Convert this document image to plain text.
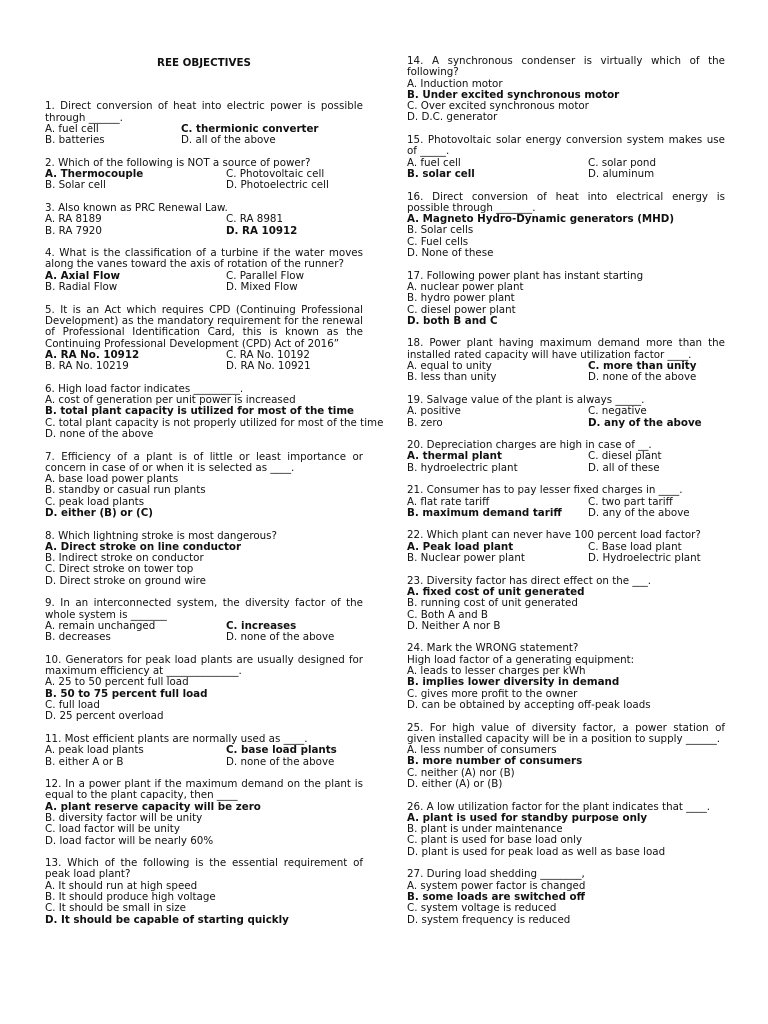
REE OBJECTIVES

1. Direct conversion of heat into electric power is possible through ______.

A. fuel cell	C. thermionic converter
B. batteries	D. all of the above

2. Which of the following is NOT a source of power?

A. Thermocouple	C. Photovoltaic cell
B. Solar cell	D. Photoelectric cell

3. Also known as PRC Renewal Law.

A. RA 8189	C. RA 8981
B. RA 7920	D. RA 10912

4. What is the classification of a turbine if the water moves along the vanes toward the axis of rotation of the runner?

A. Axial Flow	C. Parallel Flow
B. Radial Flow	D. Mixed Flow

5. It is an Act which requires CPD (Continuing Professional Development) as the mandatory requirement for the renewal of Professional Identification Card, this is known as the Continuing Professional Development (CPD) Act of 2016”

A. RA No. 10912	C. RA No. 10192
B. RA No. 10219	D. RA No. 10921

6. High load factor indicates _________.

A. cost of generation per unit power is increased
B. total plant capacity is utilized for most of the time
C. total plant capacity is not properly utilized for most of the time
D. none of the above

7. Efficiency of a plant is of little or least importance or concern in case of or when it is selected as ____.

A. base load power plants
B. standby or casual run plants
C. peak load plants
D. either (B) or (C)

8. Which lightning stroke is most dangerous?

A. Direct stroke on line conductor
B. Indirect stroke on conductor
C. Direct stroke on tower top
D. Direct stroke on ground wire

9. In an interconnected system, the diversity factor of the whole system is _______

A. remain unchanged	C. increases
B. decreases	D. none of the above

10. Generators for peak load plants are usually designed for maximum efficiency at ______________.

A. 25 to 50 percent full load
B. 50 to 75 percent full load
C. full load
D. 25 percent overload

11. Most efficient plants are normally used as ____.

A. peak load plants	C. base load plants
B. either A or B	D. none of the above

12. In a power plant if the maximum demand on the plant is equal to the plant capacity, then ____

A. plant reserve capacity will be zero
B. diversity factor will be unity
C. load factor will be unity
D. load factor will be nearly 60%

13. Which of the following is the essential requirement of peak load plant?

A. It should run at high speed
B. It should produce high voltage
C. It should be small in size
D. It should be capable of starting quickly

14. A synchronous condenser is virtually which of the following?

A. Induction motor
B. Under excited synchronous motor
C. Over excited synchronous motor
D. D.C. generator

15. Photovoltaic solar energy conversion system makes use of _____.

A. fuel cell	C. solar pond
B. solar cell	D. aluminum

16. Direct conversion of heat into electrical energy is possible through _______.

A. Magneto Hydro-Dynamic generators (MHD)
B. Solar cells
C. Fuel cells
D. None of these

17. Following power plant has instant starting

A. nuclear power plant
B. hydro power plant
C. diesel power plant
D. both B and C

18. Power plant having maximum demand more than the installed rated capacity will have utilization factor ____.

A. equal to unity	C. more than unity
B. less than unity	D. none of the above

19. Salvage value of the plant is always _____.

A. positive	C. negative
B. zero	D. any of the above

20. Depreciation charges are high in case of __.

A. thermal plant	C. diesel plant
B. hydroelectric plant	D. all of these

21. Consumer has to pay lesser fixed charges in ____.

A. flat rate tariff	C. two part tariff
B. maximum demand tariff	D. any of the above

22. Which plant can never have 100 percent load factor?

A. Peak load plant	C. Base load plant
B. Nuclear power plant	D. Hydroelectric plant

23. Diversity factor has direct effect on the ___.

A. fixed cost of unit generated
B. running cost of unit generated
C. Both A and B
D. Neither A nor B

24. Mark the WRONG statement?

High load factor of a generating equipment:
A. leads to lesser charges per kWh
B. implies lower diversity in demand
C. gives more profit to the owner
D. can be obtained by accepting off-peak loads

25. For high value of diversity factor, a power station of given installed capacity will be in a position to supply ______.

A. less number of consumers
B. more number of consumers
C. neither (A) nor (B)
D. either (A) or (B)

26. A low utilization factor for the plant indicates that ____.

A. plant is used for standby purpose only
B. plant is under maintenance
C. plant is used for base load only
D. plant is used for peak load as well as base load

27. During load shedding ________,

A. system power factor is changed
B. some loads are switched off
C. system voltage is reduced
D. system frequency is reduced
